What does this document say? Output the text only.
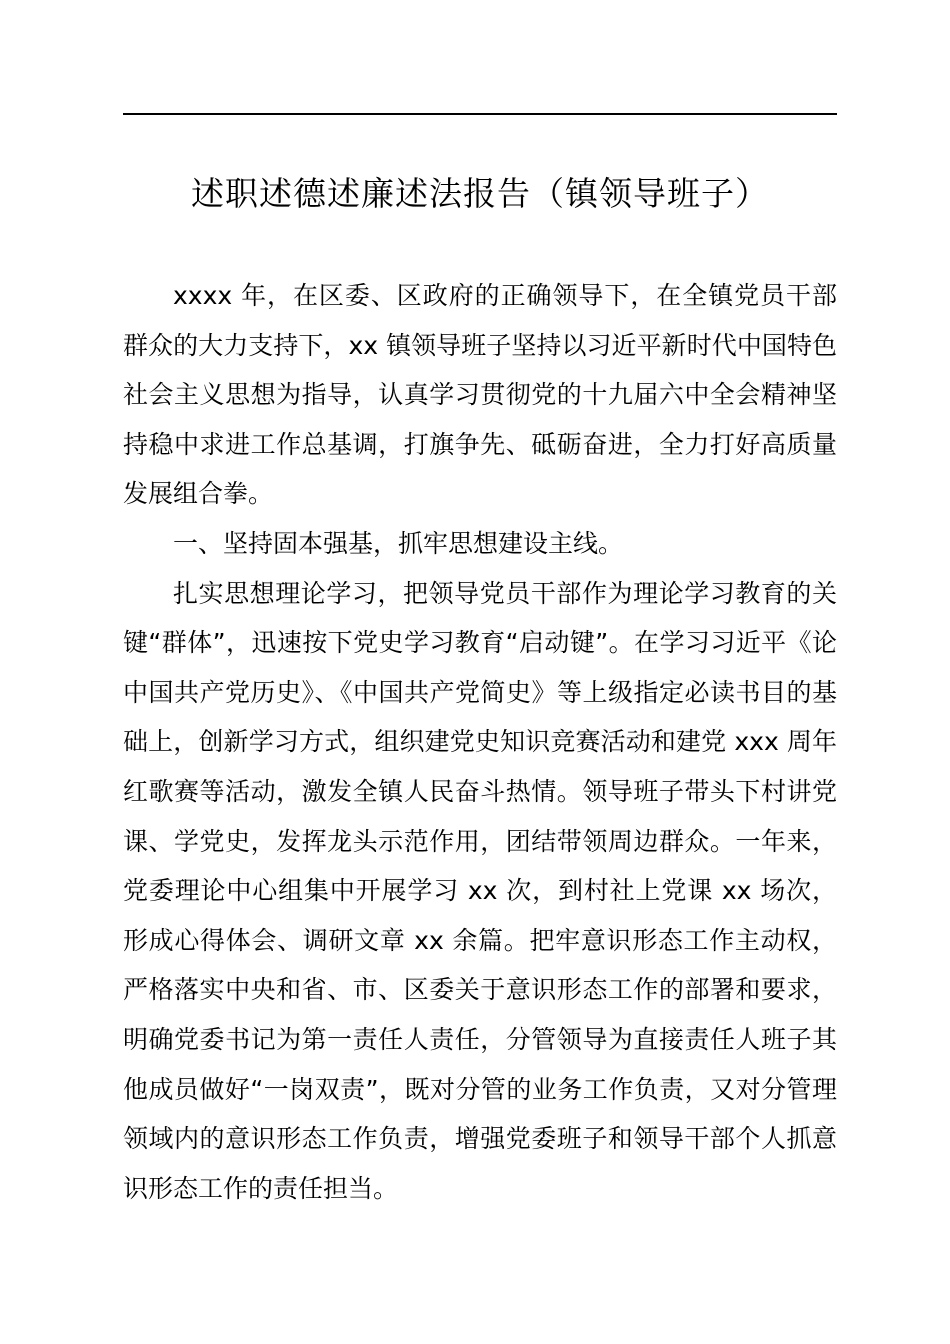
述职述德述廉述法报告（镇领导班子）

xxxx 年，在区委、区政府的正确领导下，在全镇党员干部群众的大力支持下，xx 镇领导班子坚持以习近平新时代中国特色社会主义思想为指导，认真学习贯彻党的十九届六中全会精神坚持稳中求进工作总基调，打旗争先、砥砺奋进，全力打好高质量发展组合拳。

一、坚持固本强基，抓牢思想建设主线。

扎实思想理论学习，把领导党员干部作为理论学习教育的关键“群体”，迅速按下党史学习教育“启动键”。在学习习近平《论中国共产党历史》、《中国共产党简史》等上级指定必读书目的基础上，创新学习方式，组织建党史知识竞赛活动和建党 xxx 周年红歌赛等活动，激发全镇人民奋斗热情。领导班子带头下村讲党课、学党史，发挥龙头示范作用，团结带领周边群众。一年来，党委理论中心组集中开展学习 xx 次，到村社上党课 xx 场次，形成心得体会、调研文章 xx 余篇。把牢意识形态工作主动权，严格落实中央和省、市、区委关于意识形态工作的部署和要求，明确党委书记为第一责任人责任，分管领导为直接责任人班子其他成员做好“一岗双责”，既对分管的业务工作负责，又对分管理领域内的意识形态工作负责，增强党委班子和领导干部个人抓意识形态工作的责任担当。
